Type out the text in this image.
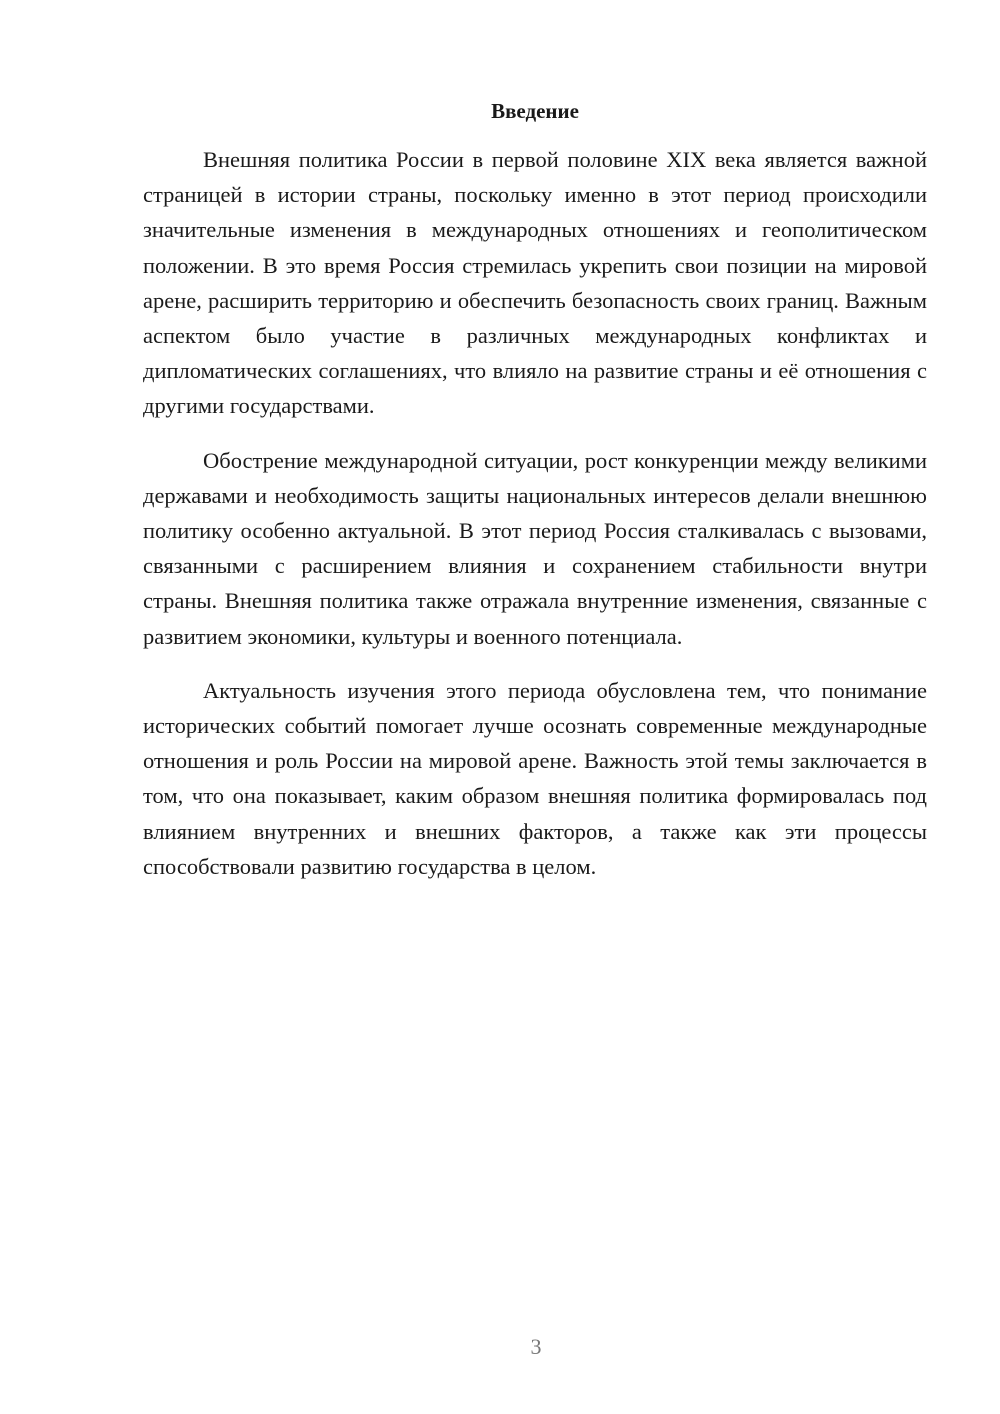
Введение

Внешняя политика России в первой половине XIX века является важной страницей в истории страны, поскольку именно в этот период происходили значительные изменения в международных отношениях и геополитическом положении. В это время Россия стремилась укрепить свои позиции на мировой арене, расширить территорию и обеспечить безопасность своих границ. Важным аспектом было участие в различных международных конфликтах и дипломатических соглашениях, что влияло на развитие страны и её отношения с другими государствами.

Обострение международной ситуации, рост конкуренции между великими державами и необходимость защиты национальных интересов делали внешнюю политику особенно актуальной. В этот период Россия сталкивалась с вызовами, связанными с расширением влияния и сохранением стабильности внутри страны. Внешняя политика также отражала внутренние изменения, связанные с развитием экономики, культуры и военного потенциала.

Актуальность изучения этого периода обусловлена тем, что понимание исторических событий помогает лучше осознать современные международные отношения и роль России на мировой арене. Важность этой темы заключается в том, что она показывает, каким образом внешняя политика формировалась под влиянием внутренних и внешних факторов, а также как эти процессы способствовали развитию государства в целом.

3
